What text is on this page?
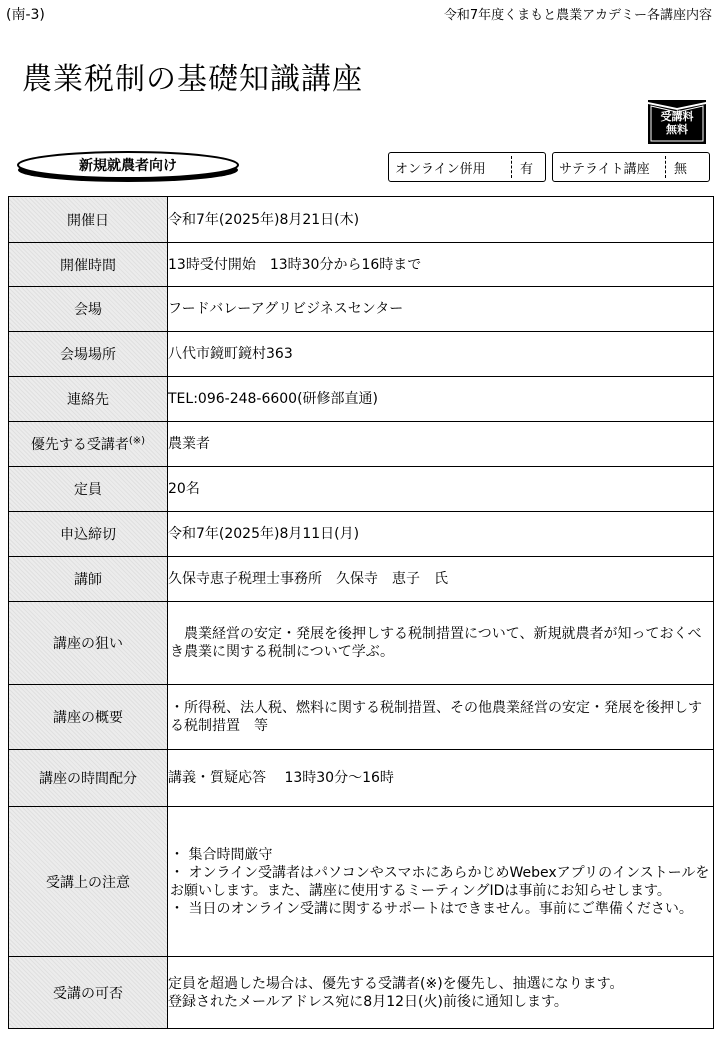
(南-3)	令和7年度くまもと農業アカデミー各講座内容
農業税制の基礎知識講座
受講料
無料
新規就農者向け	オンライン併用	有	サテライト講座	無
開催日	令和7年(2025年)8月21日(木)
開催時間	13時受付開始　13時30分から16時まで
会場	フードバレーアグリビジネスセンター
会場場所	八代市鏡町鏡村363
連絡先	TEL:096-248-6600(研修部直通)
優先する受講者(※)	農業者
定員	20名
申込締切	令和7年(2025年)8月11日(月)
講師	久保寺恵子税理士事務所　久保寺　恵子　氏
講座の狙い	　農業経営の安定・発展を後押しする税制措置について、新規就農者が知っておくべき農業に関する税制について学ぶ。
講座の概要	・所得税、法人税、燃料に関する税制措置、その他農業経営の安定・発展を後押しする税制措置　等
講座の時間配分	講義・質疑応答　 13時30分～16時
受講上の注意	・ 集合時間厳守
・ オンライン受講者はパソコンやスマホにあらかじめWebexアプリのインストールをお願いします。また、講座に使用するミーティングIDは事前にお知らせします。
・ 当日のオンライン受講に関するサポートはできません。事前にご準備ください。

受講の可否	定員を超過した場合は、優先する受講者(※)を優先し、抽選になります。
登録されたメールアドレス宛に8月12日(火)前後に通知します。
